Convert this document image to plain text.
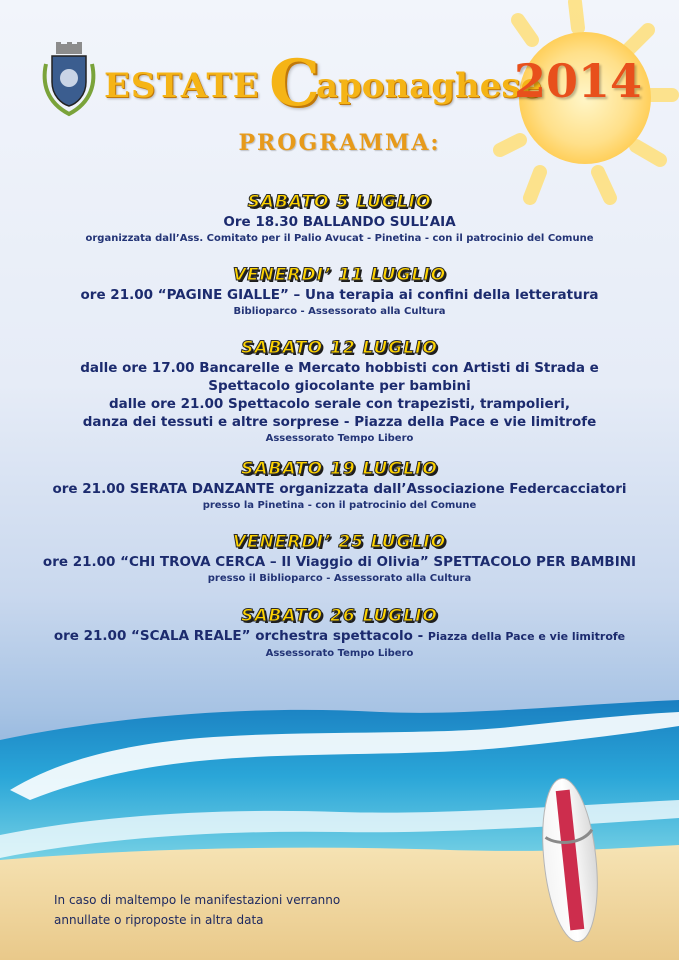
ESTATE C
aponaghese
2014
PROGRAMMA:
SABATO 5 LUGLIO
Ore 18.30 BALLANDO SULL’AIA
organizzata dall’Ass. Comitato per il Palio Avucat - Pinetina - con il patrocinio del Comune
VENERDI’ 11 LUGLIO
ore 21.00 “PAGINE GIALLE” – Una terapia ai confini della letteratura
Biblioparco - Assessorato alla Cultura
SABATO 12 LUGLIO
dalle ore 17.00 Bancarelle e Mercato hobbisti con Artisti di Strada e
Spettacolo giocolante per bambini
dalle ore 21.00 Spettacolo serale con trapezisti, trampolieri,
danza dei tessuti e altre sorprese - Piazza della Pace e vie limitrofe
Assessorato Tempo Libero
SABATO 19 LUGLIO
ore 21.00 SERATA DANZANTE organizzata dall’Associazione Federcacciatori
presso la Pinetina - con il patrocinio del Comune
VENERDI’ 25 LUGLIO
ore 21.00 “CHI TROVA CERCA – Il Viaggio di Olivia” SPETTACOLO PER BAMBINI
presso il Biblioparco - Assessorato alla Cultura
SABATO 26 LUGLIO
ore 21.00 “SCALA REALE” orchestra spettacolo - Piazza della Pace e vie limitrofe
Assessorato Tempo Libero
In caso di maltempo le manifestazioni verranno
annullate o riproposte in altra data
